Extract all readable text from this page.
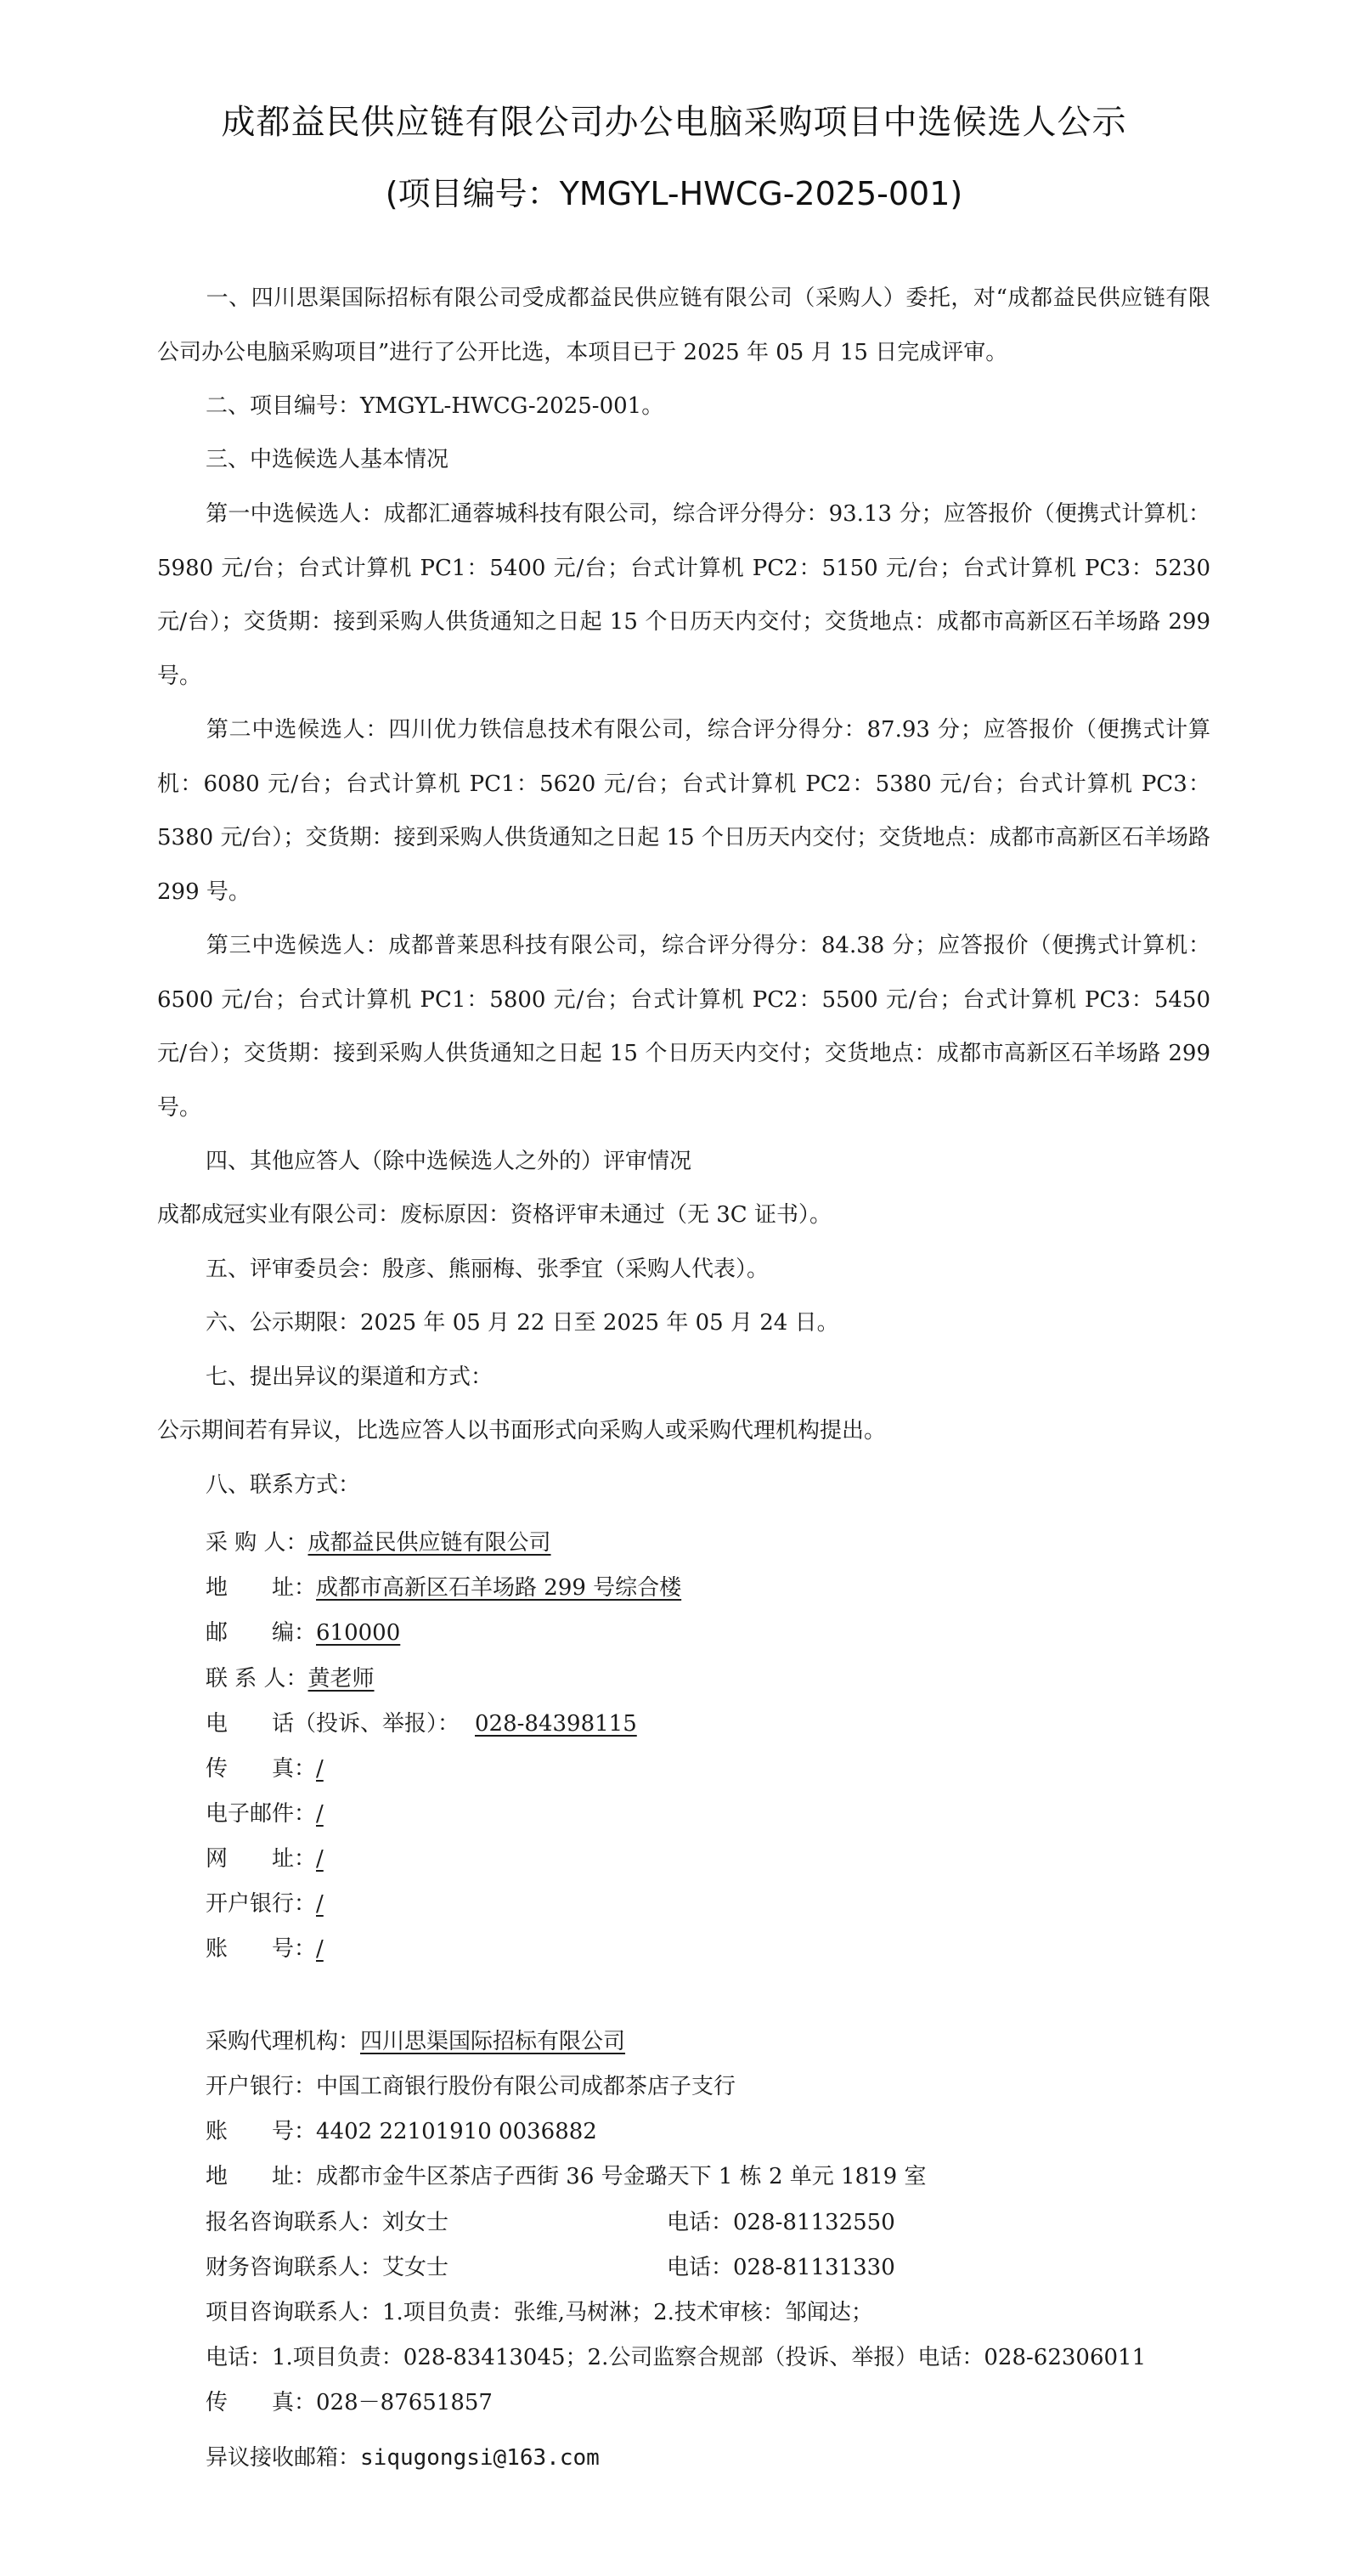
成都益民供应链有限公司办公电脑采购项目中选候选人公示
(项目编号：YMGYL-HWCG-2025-001)
一、四川思渠国际招标有限公司受成都益民供应链有限公司（采购人）委托，对“成都益民供应链有限公司办公电脑采购项目”进行了公开比选，本项目已于 2025 年 05 月 15 日完成评审。
二、项目编号：YMGYL-HWCG-2025-001。
三、中选候选人基本情况
第一中选候选人：成都汇通蓉城科技有限公司，综合评分得分：93.13 分；应答报价（便携式计算机：5980 元/台；台式计算机 PC1：5400 元/台；台式计算机 PC2：5150 元/台；台式计算机 PC3：5230 元/台）；交货期：接到采购人供货通知之日起 15 个日历天内交付；交货地点：成都市高新区石羊场路 299 号。
第二中选候选人：四川优力铁信息技术有限公司，综合评分得分：87.93 分；应答报价（便携式计算机：6080 元/台；台式计算机 PC1：5620 元/台；台式计算机 PC2：5380 元/台；台式计算机 PC3：5380 元/台）；交货期：接到采购人供货通知之日起 15 个日历天内交付；交货地点：成都市高新区石羊场路 299 号。
第三中选候选人：成都普莱思科技有限公司，综合评分得分：84.38 分；应答报价（便携式计算机：6500 元/台；台式计算机 PC1：5800 元/台；台式计算机 PC2：5500 元/台；台式计算机 PC3：5450 元/台）；交货期：接到采购人供货通知之日起 15 个日历天内交付；交货地点：成都市高新区石羊场路 299 号。
四、其他应答人（除中选候选人之外的）评审情况
成都成冠实业有限公司：废标原因：资格评审未通过（无 3C 证书）。
五、评审委员会：殷彦、熊丽梅、张季宜（采购人代表）。
六、公示期限：2025 年 05 月 22 日至 2025 年 05 月 24 日。
七、提出异议的渠道和方式：
公示期间若有异议，比选应答人以书面形式向采购人或采购代理机构提出。
八、联系方式：
采 购 人：成都益民供应链有限公司
地　　址：成都市高新区石羊场路 299 号综合楼
邮　　编：610000
联 系 人：黄老师
电　　话（投诉、举报）： 028-84398115
传　　真：/
电子邮件：/
网　　址：/
开户银行：/
账　　号：/
采购代理机构：四川思渠国际招标有限公司
开户银行：中国工商银行股份有限公司成都茶店子支行
账　　号：4402 22101910 0036882
地　　址：成都市金牛区茶店子西街 36 号金璐天下 1 栋 2 单元 1819 室
报名咨询联系人：刘女士	电话：028-81132550
财务咨询联系人：艾女士	电话：028-81131330
项目咨询联系人：1.项目负责：张维,马树淋；2.技术审核：邹闻达；
电话：1.项目负责：028-83413045；2.公司监察合规部（投诉、举报）电话：028-62306011
传　　真：028－87651857
异议接收邮箱：siqugongsi@163.com
